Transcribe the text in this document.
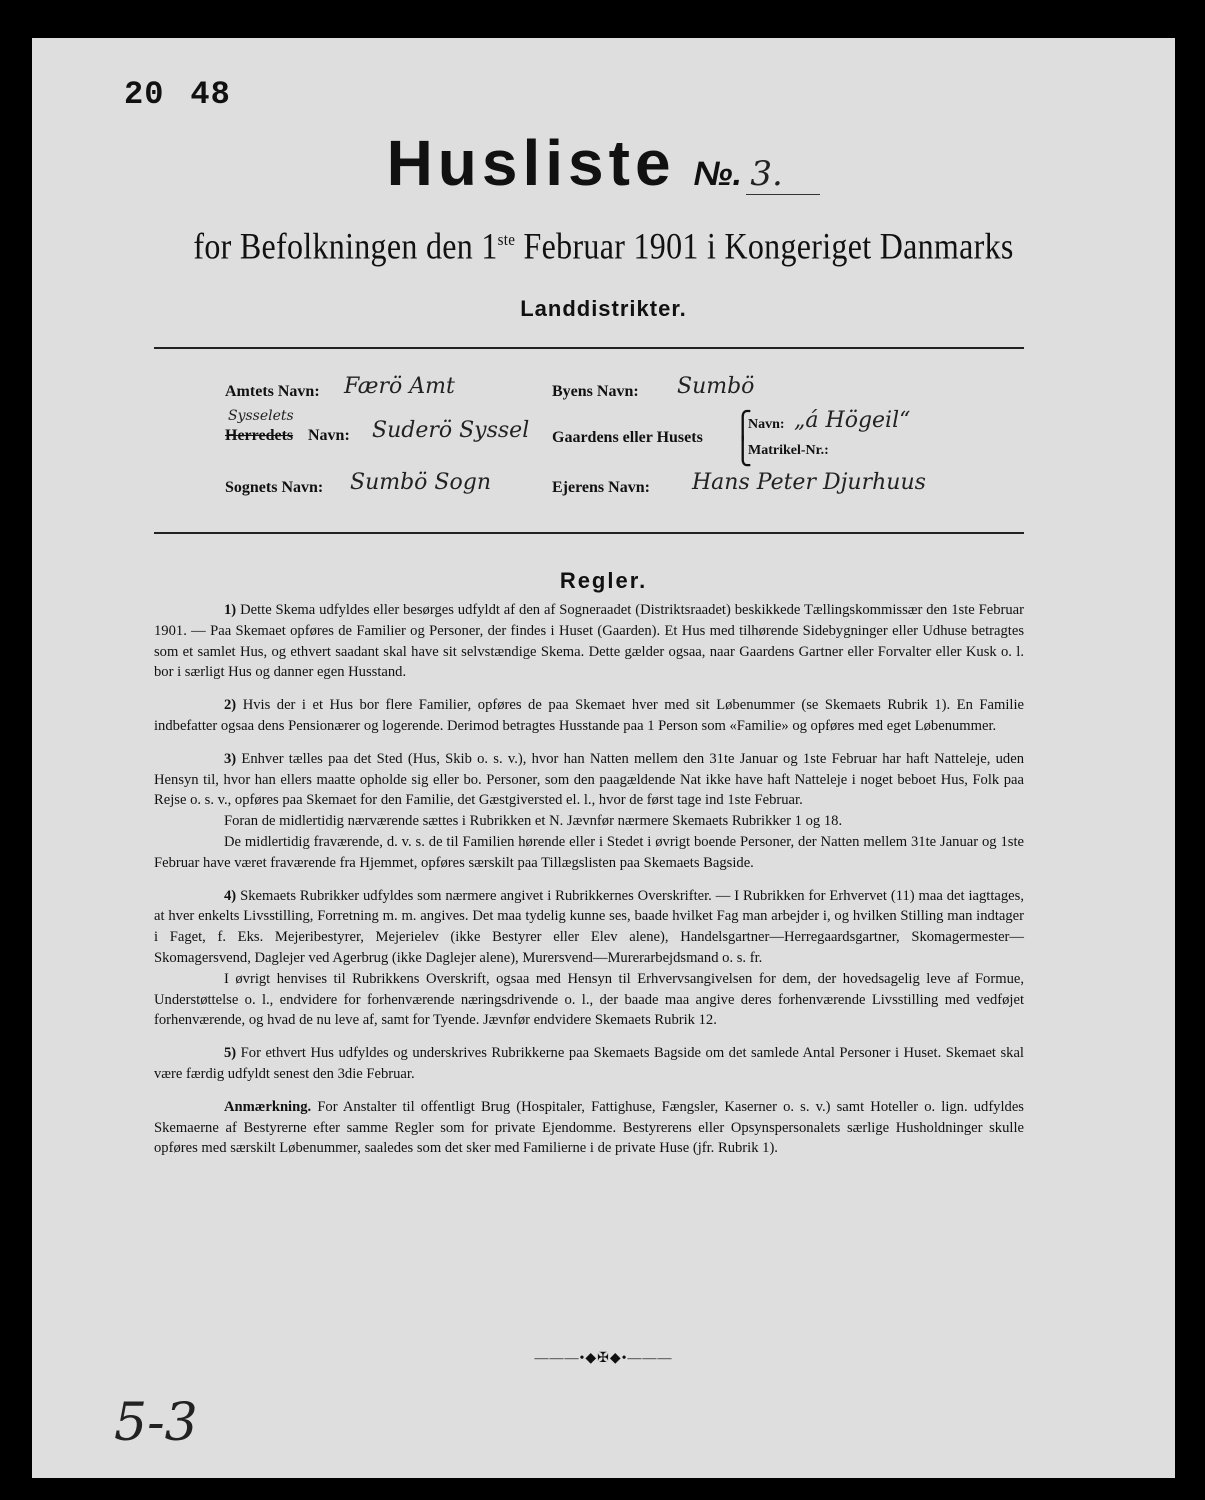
20 48
Husliste №. 3.
for Befolkningen den 1ste Februar 1901 i Kongeriget Danmarks
Landdistrikter.
Amtets Navn: Færö Amt	Byens Navn: Sumbö
Sysselets
Herredets Navn: Suderö Syssel Gaardens eller Husets ⎧
⎩
Navn: „á Högeil“
Matrikel-Nr.:
Sognets Navn: Sumbö Sogn	Ejerens Navn: Hans Peter Djurhuus
Regler.

1) Dette Skema udfyldes eller besørges udfyldt af den af Sogneraadet (Distriktsraadet) beskikkede Tællingskommissær den 1ste Februar 1901. — Paa Skemaet opføres de Familier og Personer, der findes i Huset (Gaarden). Et Hus med tilhørende Sidebygninger eller Udhuse betragtes som et samlet Hus, og ethvert saadant skal have sit selvstændige Skema. Dette gælder ogsaa, naar Gaardens Gartner eller Forvalter eller Kusk o. l. bor i særligt Hus og danner egen Husstand.

2) Hvis der i et Hus bor flere Familier, opføres de paa Skemaet hver med sit Løbenummer (se Skemaets Rubrik 1). En Familie indbefatter ogsaa dens Pensionærer og logerende. Derimod betragtes Husstande paa 1 Person som «Familie» og opføres med eget Løbenummer.

3) Enhver tælles paa det Sted (Hus, Skib o. s. v.), hvor han Natten mellem den 31te Januar og 1ste Februar har haft Natteleje, uden Hensyn til, hvor han ellers maatte opholde sig eller bo. Personer, som den paagældende Nat ikke have haft Natteleje i noget beboet Hus, Folk paa Rejse o. s. v., opføres paa Skemaet for den Familie, det Gæstgiversted el. l., hvor de først tage ind 1ste Februar.

Foran de midlertidig nærværende sættes i Rubrikken et N. Jævnfør nærmere Skemaets Rubrikker 1 og 18.

De midlertidig fraværende, d. v. s. de til Familien hørende eller i Stedet i øvrigt boende Personer, der Natten mellem 31te Januar og 1ste Februar have været fraværende fra Hjemmet, opføres særskilt paa Tillægslisten paa Skemaets Bagside.

4) Skemaets Rubrikker udfyldes som nærmere angivet i Rubrikkernes Overskrifter. — I Rubrikken for Erhvervet (11) maa det iagttages, at hver enkelts Livsstilling, Forretning m. m. angives. Det maa tydelig kunne ses, baade hvilket Fag man arbejder i, og hvilken Stilling man indtager i Faget, f. Eks. Mejeribestyrer, Mejerielev (ikke Bestyrer eller Elev alene), Handelsgartner—Herregaardsgartner, Skomagermester—Skomagersvend, Daglejer ved Agerbrug (ikke Daglejer alene), Murersvend—Murerarbejdsmand o. s. fr.

I øvrigt henvises til Rubrikkens Overskrift, ogsaa med Hensyn til Erhvervsangivelsen for dem, der hovedsagelig leve af Formue, Understøttelse o. l., endvidere for forhenværende næringsdrivende o. l., der baade maa angive deres forhenværende Livsstilling med vedføjet forhenværende, og hvad de nu leve af, samt for Tyende. Jævnfør endvidere Skemaets Rubrik 12.

5) For ethvert Hus udfyldes og underskrives Rubrikkerne paa Skemaets Bagside om det samlede Antal Personer i Huset. Skemaet skal være færdig udfyldt senest den 3die Februar.

Anmærkning. For Anstalter til offentligt Brug (Hospitaler, Fattighuse, Fængsler, Kaserner o. s. v.) samt Hoteller o. lign. udfyldes Skemaerne af Bestyrerne efter samme Regler som for private Ejendomme. Bestyrerens eller Opsynspersonalets særlige Husholdninger skulle opføres med særskilt Løbenummer, saaledes som det sker med Familierne i de private Huse (jfr. Rubrik 1).

———•◆✠◆•———
5-3
